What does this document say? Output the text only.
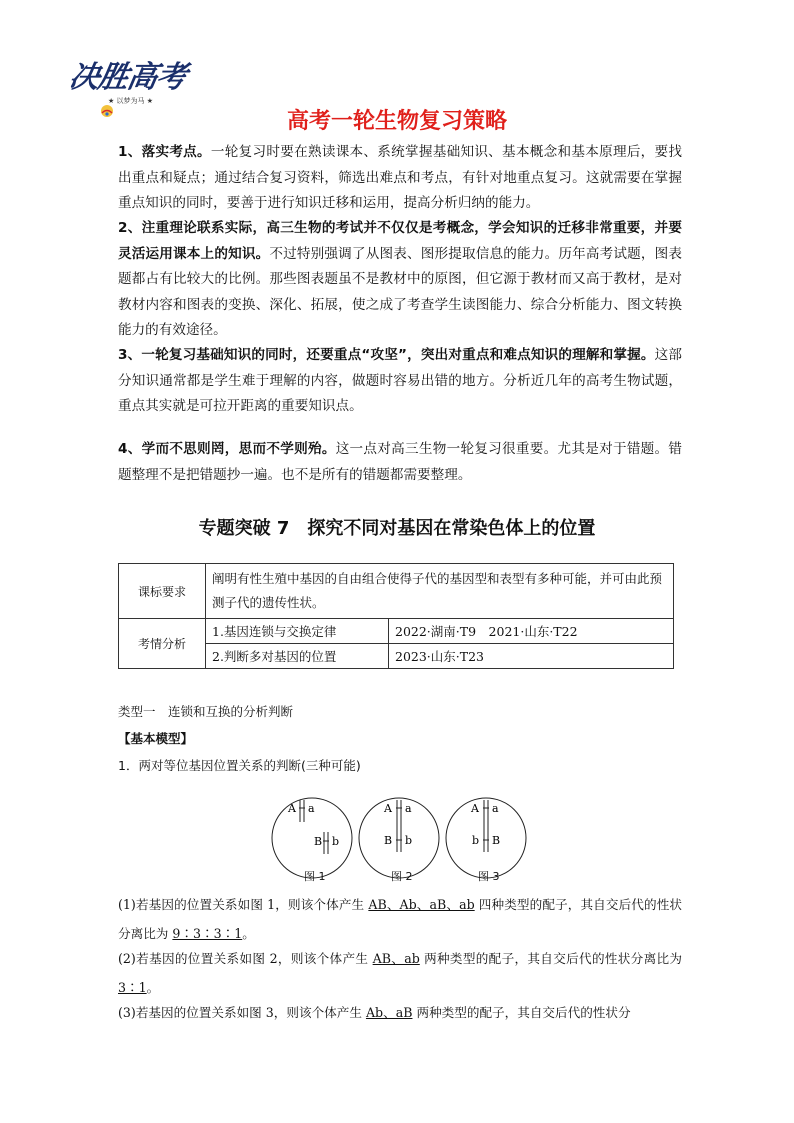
决胜高考
★ 以梦为马 ★
高考一轮生物复习策略

1、落实考点。一轮复习时要在熟读课本、系统掌握基础知识、基本概念和基本原理后，要找出重点和疑点；通过结合复习资料，筛选出难点和考点，有针对地重点复习。这就需要在掌握重点知识的同时，要善于进行知识迁移和运用，提高分析归纳的能力。

2、注重理论联系实际，高三生物的考试并不仅仅是考概念，学会知识的迁移非常重要，并要灵活运用课本上的知识。不过特别强调了从图表、图形提取信息的能力。历年高考试题，图表题都占有比较大的比例。那些图表题虽不是教材中的原图，但它源于教材而又高于教材，是对教材内容和图表的变换、深化、拓展，使之成了考查学生读图能力、综合分析能力、图文转换能力的有效途径。

3、一轮复习基础知识的同时，还要重点“攻坚”，突出对重点和难点知识的理解和掌握。这部分知识通常都是学生难于理解的内容，做题时容易出错的地方。分析近几年的高考生物试题，重点其实就是可拉开距离的重要知识点。

4、学而不思则罔，思而不学则殆。这一点对高三生物一轮复习很重要。尤其是对于错题。错题整理不是把错题抄一遍。也不是所有的错题都需要整理。

专题突破 7　探究不同对基因在常染色体上的位置
课标要求	阐明有性生殖中基因的自由组合使得子代的基因型和表型有多种可能，并可由此预测子代的遗传性状。	
考情分析	1.基因连锁与交换定律	2022·湖南·T9　2021·山东·T22
	2.判断多对基因的位置	2023·山东·T23
类型一　连锁和互换的分析判断
【基本模型】
1．两对等位基因位置关系的判断(三种可能)
A a
B b
A a
B b
A a
b B
图 1	图 2	图 3

(1)若基因的位置关系如图 1，则该个体产生 AB、Ab、aB、ab 四种类型的配子，其自交后代的性状分离比为 9∶3∶3∶1。

(2)若基因的位置关系如图 2，则该个体产生 AB、ab 两种类型的配子，其自交后代的性状分离比为 3∶1。

(3)若基因的位置关系如图 3，则该个体产生 Ab、aB 两种类型的配子，其自交后代的性状分
